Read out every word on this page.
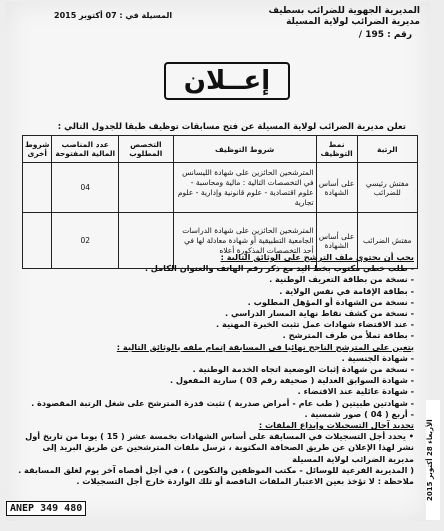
المديرية الجهوية للضرائب بسطيف
مديرية الضرائب لولاية المسيلة
المسيلة في : 07 أكتوبر 2015
رقم : 195 /
إعــلان
تعلن مديرية الضرائب لولاية المسيلة عن فتح مسابقات توظيف طبقا للجدول التالي :
الرتبة	نمط التوظيف	شروط التوظيف	التخصص المطلوب	عدد المناصب المالية المفتوحة	شروط أخرى
مفتش رئيسي للضرائب	على أساس الشهادة	المترشحين الحائزين على شهادة الليسانس في التخصصات التالية : مالية ومحاسبة - علوم اقتصادية - علوم قانونية وإدارية - علوم تجارية		04	
مفتش الضرائب	على أساس الشهادة	المترشحين الحائزين على شهادة الدراسات الجامعية التطبيقية أو شهادة معادلة لها في أحد التخصصات المذكورة أعلاه		02	

يجب أن يحتوي ملف الترشح على الوثائق التالية :

- طلب خطي مكتوب بخط اليد مع ذكر رقم الهاتف والعنوان الكامل .

- نسخة من بطاقة التعريف الوطنية .

- بطاقة الإقامة في نفس الولاية .

- نسخة من الشهادة أو المؤهل المطلوب .

- نسخة من كشف نقاط نهاية المسار الدراسي .

- عند الاقتضاء شهادات عمل تثبت الخبرة المهنية .

- بطاقة تملأ من طرف المترشح .

يتعين على المترشح الناجح نهائيا في المسابقة إتمام ملفه بالوثائق التالية :

- شهادة الجنسية .

- نسخة من شهادة إثبات الوضعية اتجاه الخدمة الوطنية .

- شهادة السوابق العدلية ( صحيفة رقم 03 ) سارية المفعول .

- شهادة عائلية عند الاقتضاء .

- شهادتين طبيتين ( طب عام - أمراض صدرية ) تثبت قدرة المترشح على شغل الرتبة المقصودة .

- أربع ( 04 ) صور شمسية .

تحديد آجال التسجيلات وإيداع الملفات :

• يحدد أجل التسجيلات في المسابقة على أساس الشهادات بخمسة عشر ( 15 ) يوما من تاريخ أول نشر لهذا الإعلان عن طريق الصحافة المكتوبة ، ترسل ملفات المترشحين عن طريق البريد إلى مديرية الضرائب لولاية المسيلة

( المديرية الفرعية للوسائل - مكتب الموظفين والتكوين ) ، في أجل أقصاه آخر يوم لغلق المسابقة .

ملاحظة : لا تؤخذ بعين الاعتبار الملفات الناقصة أو تلك الواردة خارج أجل التسجيلات .

ANEP 349 480
الأربعاء 28 أكتوبر 2015
